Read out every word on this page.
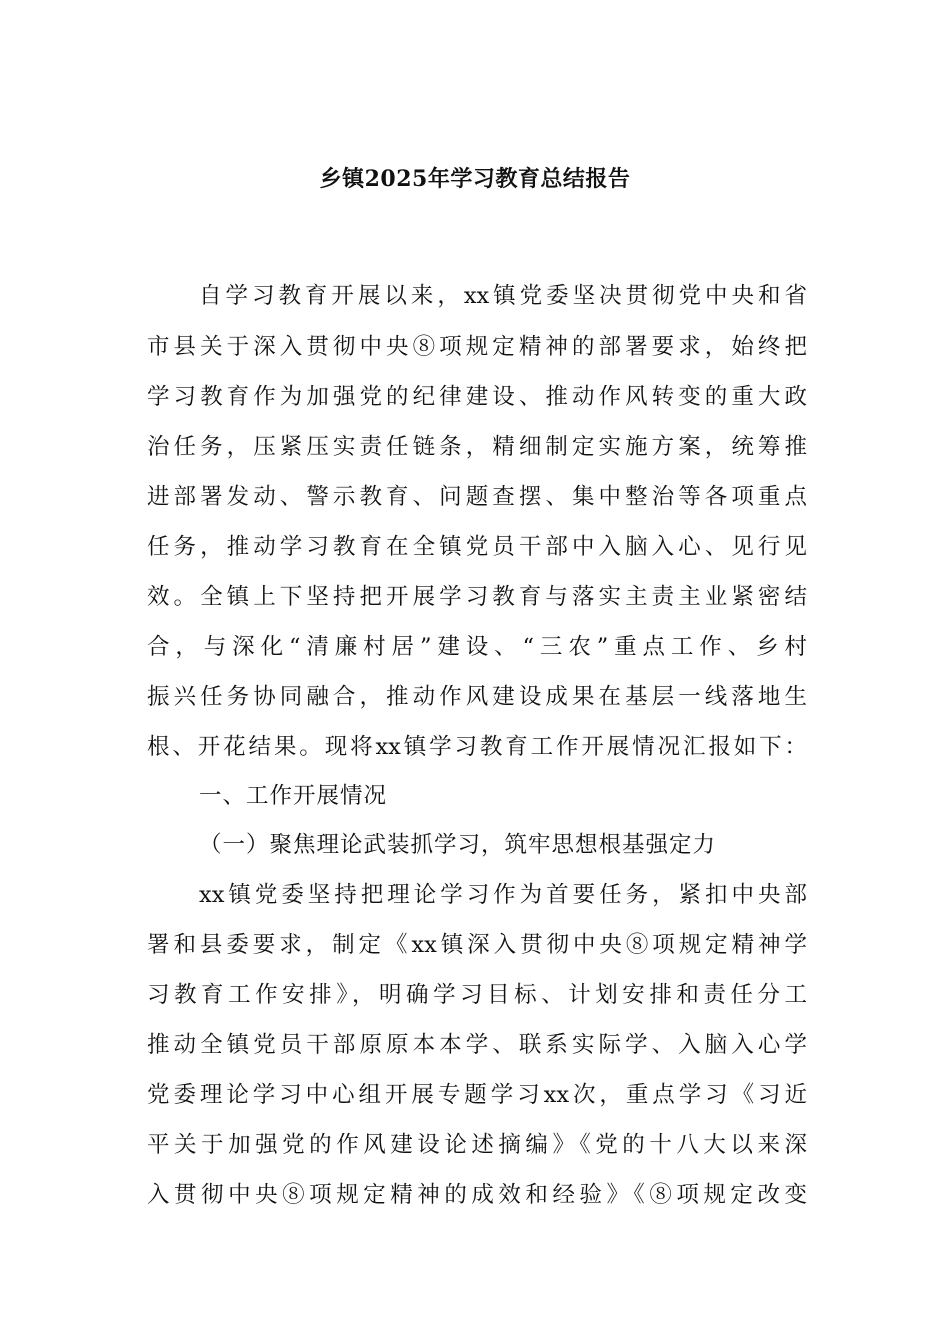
乡镇2025年学习教育总结报告
自学习教育开展以来，xx镇党委坚决贯彻党中央和省
市县关于深入贯彻中央⑧项规定精神的部署要求，始终把
学习教育作为加强党的纪律建设、推动作风转变的重大政
治任务，压紧压实责任链条，精细制定实施方案，统筹推
进部署发动、警示教育、问题查摆、集中整治等各项重点
任务，推动学习教育在全镇党员干部中入脑入心、见行见
效。全镇上下坚持把开展学习教育与落实主责主业紧密结
合，与深化“清廉村居”建设、“三农”重点工作、乡村
振兴任务协同融合，推动作风建设成果在基层一线落地生
根、开花结果。现将xx镇学习教育工作开展情况汇报如下：
一、工作开展情况
（一）聚焦理论武装抓学习，筑牢思想根基强定力
xx镇党委坚持把理论学习作为首要任务，紧扣中央部
署和县委要求，制定《xx镇深入贯彻中央⑧项规定精神学
习教育工作安排》，明确学习目标、计划安排和责任分工
推动全镇党员干部原原本本学、联系实际学、入脑入心学
党委理论学习中心组开展专题学习xx次，重点学习《习近
平关于加强党的作风建设论述摘编》《党的十八大以来深
入贯彻中央⑧项规定精神的成效和经验》《⑧项规定改变
